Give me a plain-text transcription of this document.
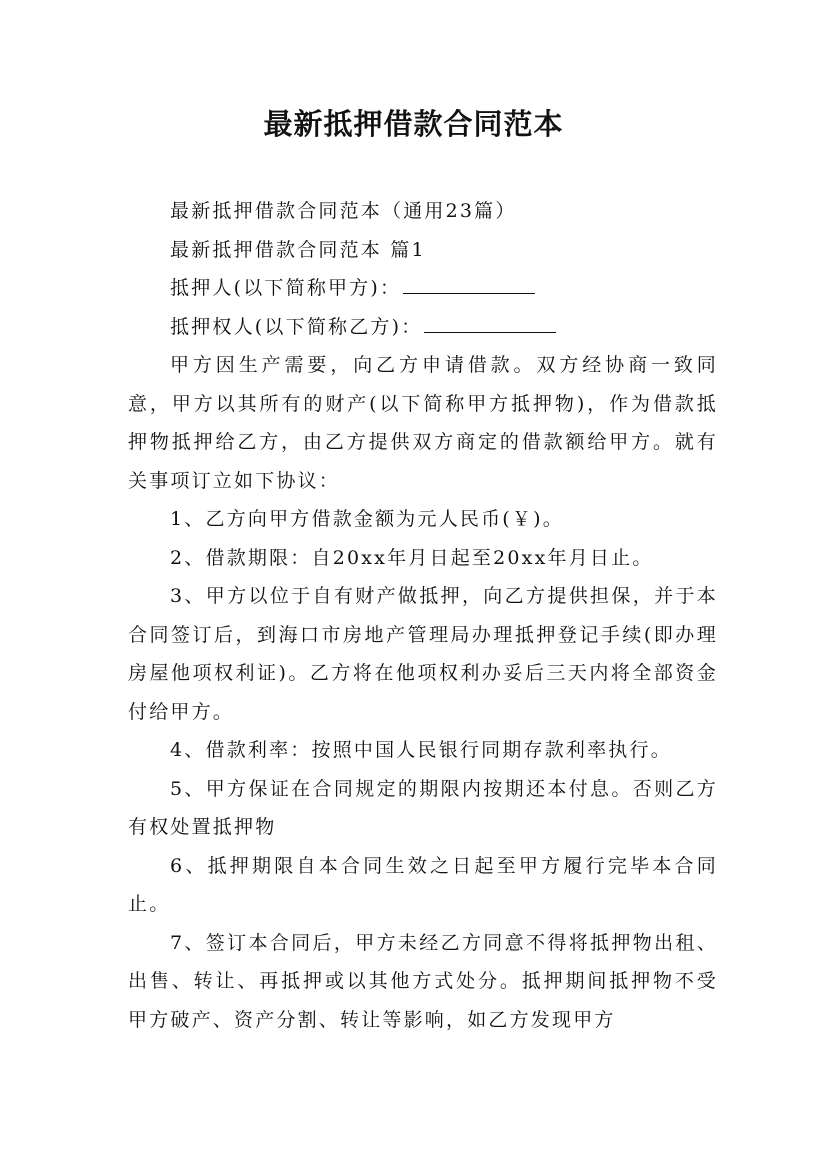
最新抵押借款合同范本

最新抵押借款合同范本（通用23篇）

最新抵押借款合同范本 篇1

抵押人(以下简称甲方)：

抵押权人(以下简称乙方)：

甲方因生产需要，向乙方申请借款。双方经协商一致同意，甲方以其所有的财产(以下简称甲方抵押物)，作为借款抵押物抵押给乙方，由乙方提供双方商定的借款额给甲方。就有关事项订立如下协议：

1、乙方向甲方借款金额为元人民币(￥)。

2、借款期限：自20xx年月日起至20xx年月日止。

3、甲方以位于自有财产做抵押，向乙方提供担保，并于本合同签订后，到海口市房地产管理局办理抵押登记手续(即办理房屋他项权利证)。乙方将在他项权利办妥后三天内将全部资金付给甲方。

4、借款利率：按照中国人民银行同期存款利率执行。

5、甲方保证在合同规定的期限内按期还本付息。否则乙方有权处置抵押物

6、抵押期限自本合同生效之日起至甲方履行完毕本合同止。

7、签订本合同后，甲方未经乙方同意不得将抵押物出租、出售、转让、再抵押或以其他方式处分。抵押期间抵押物不受甲方破产、资产分割、转让等影响，如乙方发现甲方
